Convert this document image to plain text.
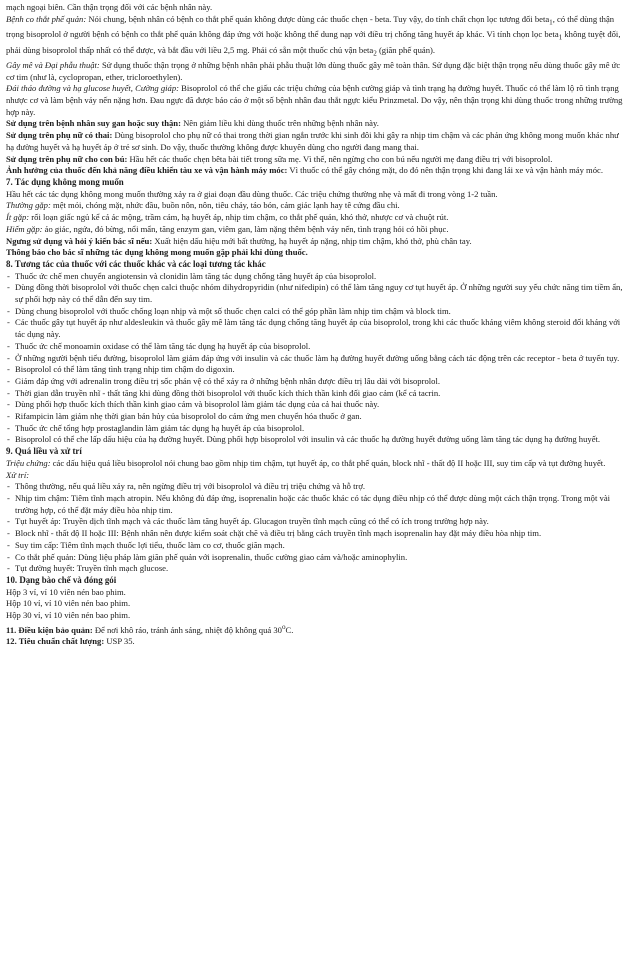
mạch ngoại biên. Cần thận trọng đối với các bệnh nhân này.

Bệnh co thắt phế quản: Nói chung, bệnh nhân có bệnh co thắt phế quản không được dùng các thuốc chẹn - beta. Tuy vậy, do tính chất chọn lọc tương đối beta$_1$, có thể dùng thận trọng bisoprolol ở người bệnh có bệnh co thắt phế quản không đáp ứng với hoặc không thể dung nạp với điều trị chống tăng huyết áp khác. Vì tính chọn lọc beta$_1$ không tuyệt đối, phải dùng bisoprolol thấp nhất có thể được, và bắt đầu với liều 2,5 mg. Phải có sẵn một thuốc chủ vận beta$_2$ (giãn phế quản).

Gây mê và Đại phẫu thuật: Sử dụng thuốc thận trọng ở những bệnh nhân phải phẫu thuật lớn dùng thuốc gây mê toàn thân. Sử dụng đặc biệt thận trọng nếu dùng thuốc gây mê ức cơ tim (như là, cyclopropan, ether, tricloroethylen).

Đái tháo đường và hạ glucose huyết, Cường giáp: Bisoprolol có thể che giấu các triệu chứng của bệnh cường giáp và tình trạng hạ đường huyết. Thuốc có thể làm lộ rõ tình trạng nhược cơ và làm bệnh vảy nến nặng hơn. Đau ngực đã được báo cáo ở một số bệnh nhân đau thắt ngực kiểu Prinzmetal. Do vậy, nên thận trọng khi dùng thuốc trong những trường hợp này.

Sử dụng trên bệnh nhân suy gan hoặc suy thận: Nên giảm liều khi dùng thuốc trên những bệnh nhân này.

Sử dụng trên phụ nữ có thai: Dùng bisoprolol cho phụ nữ có thai trong thời gian ngắn trước khi sinh đôi khi gây ra nhịp tim chậm và các phản ứng không mong muốn khác như hạ đường huyết và hạ huyết áp ở trẻ sơ sinh. Do vậy, thuốc thường không được khuyên dùng cho người đang mang thai.

Sử dụng trên phụ nữ cho con bú: Hầu hết các thuốc chẹn bêta bài tiết trong sữa mẹ. Vì thế, nên ngừng cho con bú nếu người mẹ đang điều trị với bisoprolol.

Ảnh hưởng của thuốc đến khả năng điều khiển tàu xe và vận hành máy móc: Vì thuốc có thể gây chóng mặt, do đó nên thận trọng khi đang lái xe và vận hành máy móc.

7. Tác dụng không mong muốn

Hầu hết các tác dụng không mong muốn thường xảy ra ở giai đoạn đầu dùng thuốc. Các triệu chứng thường nhẹ và mất đi trong vòng 1-2 tuần.

Thường gặp: mệt mỏi, chóng mặt, nhức đầu, buồn nôn, nôn, tiêu chảy, táo bón, cảm giác lạnh hay tê cứng đầu chi.

Ít gặp: rối loạn giấc ngủ kể cả ác mộng, trầm cảm, hạ huyết áp, nhịp tim chậm, co thắt phế quản, khó thở, nhược cơ và chuột rút.

Hiếm gặp: ảo giác, ngứa, đỏ bừng, nổi mẩn, tăng enzym gan, viêm gan, làm nặng thêm bệnh vảy nến, tình trạng hói có hồi phục.

Ngưng sử dụng và hỏi ý kiến bác sĩ nếu: Xuất hiện dấu hiệu mới bất thường, hạ huyết áp nặng, nhịp tim chậm, khó thở, phù chân tay.

Thông báo cho bác sĩ những tác dụng không mong muốn gặp phải khi dùng thuốc.

8. Tương tác của thuốc với các thuốc khác và các loại tương tác khác

- Thuốc ức chế men chuyển angiotensin và clonidin làm tăng tác dụng chống tăng huyết áp của bisoprolol.
- Dùng đồng thời bisoprolol với thuốc chẹn calci thuộc nhóm dihydropyridin (như nifedipin) có thể làm tăng nguy cơ tụt huyết áp. Ở những người suy yếu chức năng tim tiềm ẩn, sự phối hợp này có thể dẫn đến suy tim.
- Dùng chung bisoprolol với thuốc chống loạn nhịp và một số thuốc chẹn calci có thể góp phần làm nhịp tim chậm và block tim.
- Các thuốc gây tụt huyết áp như aldesleukin và thuốc gây mê làm tăng tác dụng chống tăng huyết áp của bisoprolol, trong khi các thuốc kháng viêm không steroid đối kháng với tác dụng này.
- Thuốc ức chế monoamin oxidase có thể làm tăng tác dụng hạ huyết áp của bisoprolol.
- Ở những người bệnh tiểu đường, bisoprolol làm giảm đáp ứng với insulin và các thuốc làm hạ đường huyết đường uống bằng cách tác động trên các receptor - beta ở tuyến tụy.
- Bisoprolol có thể làm tăng tình trạng nhịp tim chậm do digoxin.
- Giảm đáp ứng với adrenalin trong điều trị sốc phản vệ có thể xảy ra ở những bệnh nhân được điều trị lâu dài với bisoprolol.
- Thời gian dẫn truyền nhĩ - thất tăng khi dùng đồng thời bisoprolol với thuốc kích thích thần kinh đối giao cảm (kể cả tacrin.
- Dùng phối hợp thuốc kích thích thần kinh giao cảm và bisoprolol làm giảm tác dụng của cả hai thuốc này.
- Rifampicin làm giảm nhẹ thời gian bán hủy của bisoprolol do cảm ứng men chuyển hóa thuốc ở gan.
- Thuốc ức chế tổng hợp prostaglandin làm giảm tác dụng hạ huyết áp của bisoprolol.
- Bisoprolol có thể che lấp dấu hiệu của hạ đường huyết. Dùng phối hợp bisoprolol với insulin và các thuốc hạ đường huyết đường uống làm tăng tác dụng hạ đường huyết.

9. Quá liều và xử trí

Triệu chứng: các dấu hiệu quá liều bisoprolol nói chung bao gồm nhịp tim chậm, tụt huyết áp, co thắt phế quản, block nhĩ - thất độ II hoặc III, suy tim cấp và tụt đường huyết.

Xử trí:

- Thông thường, nếu quá liều xảy ra, nên ngừng điều trị với bisoprolol và điều trị triệu chứng và hỗ trợ.
- Nhịp tim chậm: Tiêm tĩnh mạch atropin. Nếu không đủ đáp ứng, isoprenalin hoặc các thuốc khác có tác dụng điều nhịp có thể được dùng một cách thận trọng. Trong một vài trường hợp, có thể đặt máy điều hòa nhịp tim.
- Tụt huyết áp: Truyền dịch tĩnh mạch và các thuốc làm tăng huyết áp. Glucagon truyền tĩnh mạch cũng có thể có ích trong trường hợp này.
- Block nhĩ - thất độ II hoặc III: Bệnh nhân nên được kiểm soát chặt chẽ và điều trị bằng cách truyền tĩnh mạch isoprenalin hay đặt máy điều hòa nhịp tim.
- Suy tim cấp: Tiêm tĩnh mạch thuốc lợi tiểu, thuốc làm co cơ, thuốc giãn mạch.
- Co thắt phế quản: Dùng liệu pháp làm giãn phế quản với isoprenalin, thuốc cường giao cảm và/hoặc aminophylin.
- Tụt đường huyết: Truyền tĩnh mạch glucose.

10. Dạng bào chế và đóng gói

Hộp 3 vỉ, vỉ 10 viên nén bao phim.

Hộp 10 vỉ, vỉ 10 viên nén bao phim.

Hộp 30 vỉ, vỉ 10 viên nén bao phim.

11. Điều kiện bảo quản: Để nơi khô ráo, tránh ánh sáng, nhiệt độ không quá 30$^o$C.

12. Tiêu chuẩn chất lượng: USP 35.
